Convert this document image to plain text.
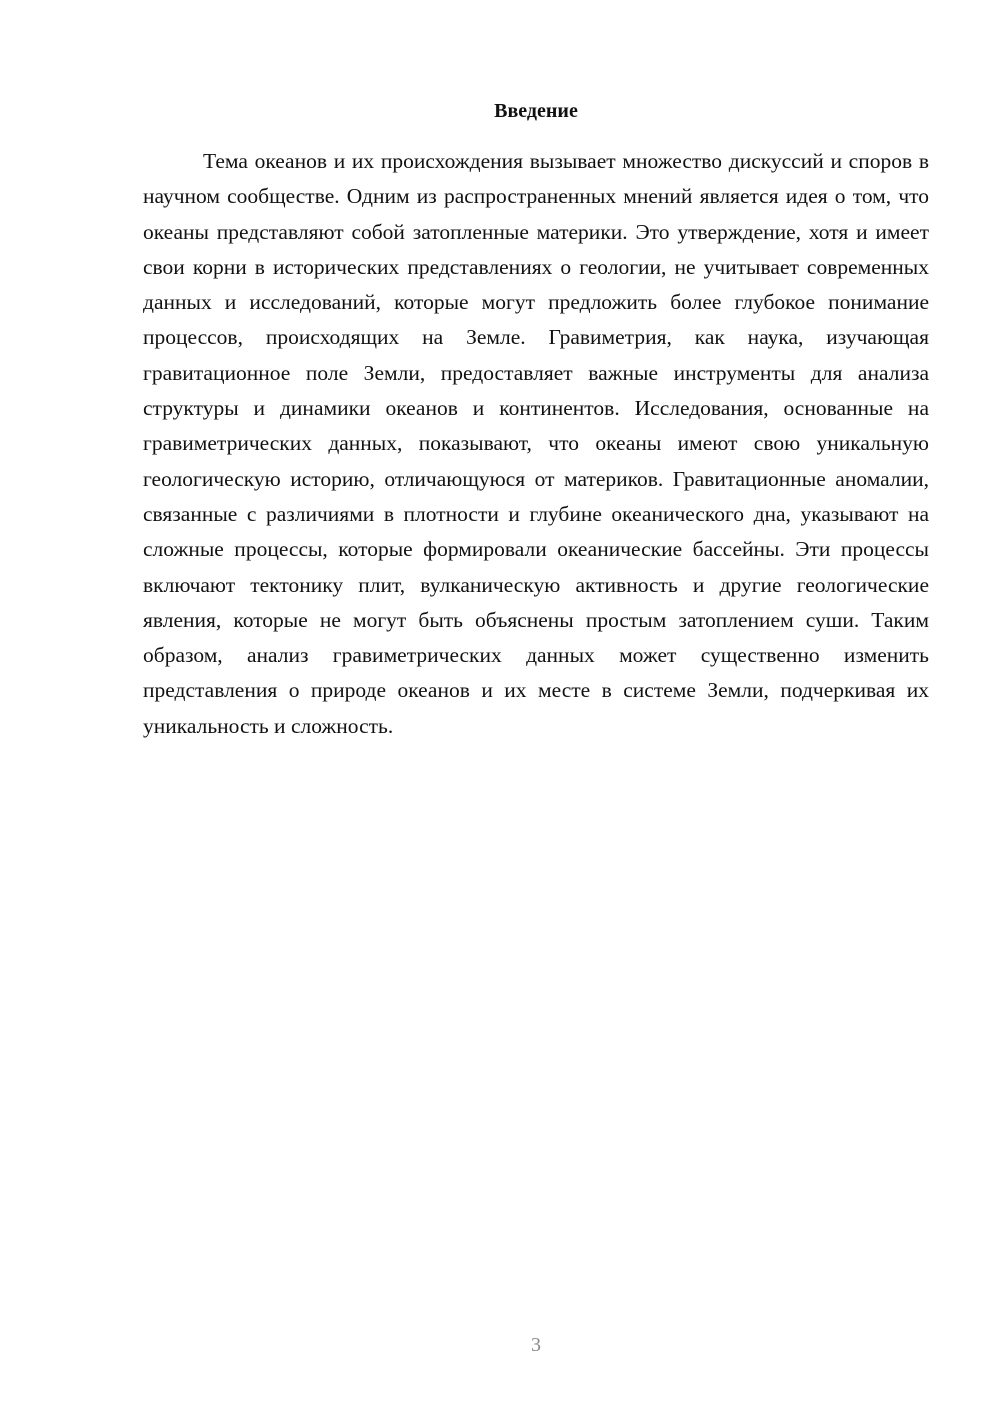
Введение

Тема океанов и их происхождения вызывает множество дискуссий и споров в научном сообществе. Одним из распространенных мнений является идея о том, что океаны представляют собой затопленные материки. Это утверждение, хотя и имеет свои корни в исторических представлениях о геологии, не учитывает современных данных и исследований, которые могут предложить более глубокое понимание процессов, происходящих на Земле. Гравиметрия, как наука, изучающая гравитационное поле Земли, предоставляет важные инструменты для анализа структуры и динамики океанов и континентов. Исследования, основанные на гравиметрических данных, показывают, что океаны имеют свою уникальную геологическую историю, отличающуюся от материков. Гравитационные аномалии, связанные с различиями в плотности и глубине океанического дна, указывают на сложные процессы, которые формировали океанические бассейны. Эти процессы включают тектонику плит, вулканическую активность и другие геологические явления, которые не могут быть объяснены простым затоплением суши. Таким образом, анализ гравиметрических данных может существенно изменить представления о природе океанов и их месте в системе Земли, подчеркивая их уникальность и сложность.

3
